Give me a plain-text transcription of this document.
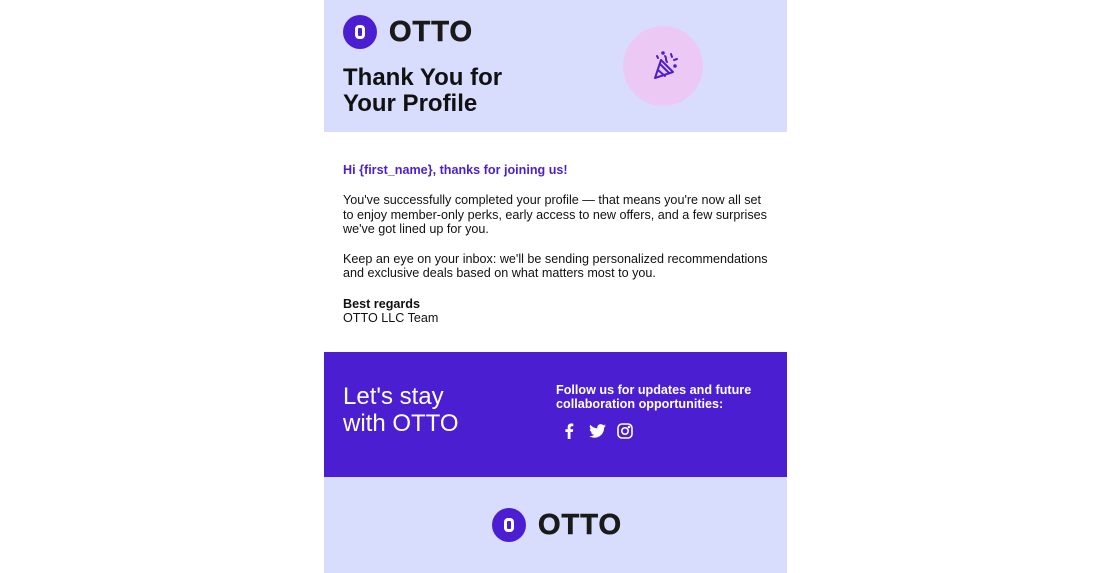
OTTO
Thank You for
Your Profile

Hi {first_name}, thanks for joining us!

You've successfully completed your profile — that means you're now all set to enjoy member-only perks, early access to new offers, and a few surprises we've got lined up for you.

Keep an eye on your inbox: we'll be sending personalized recommendations and exclusive deals based on what matters most to you.

Best regards

OTTO LLC Team

Let's stay
with OTTO

Follow us for updates and future collaboration opportunities:

OTTO
